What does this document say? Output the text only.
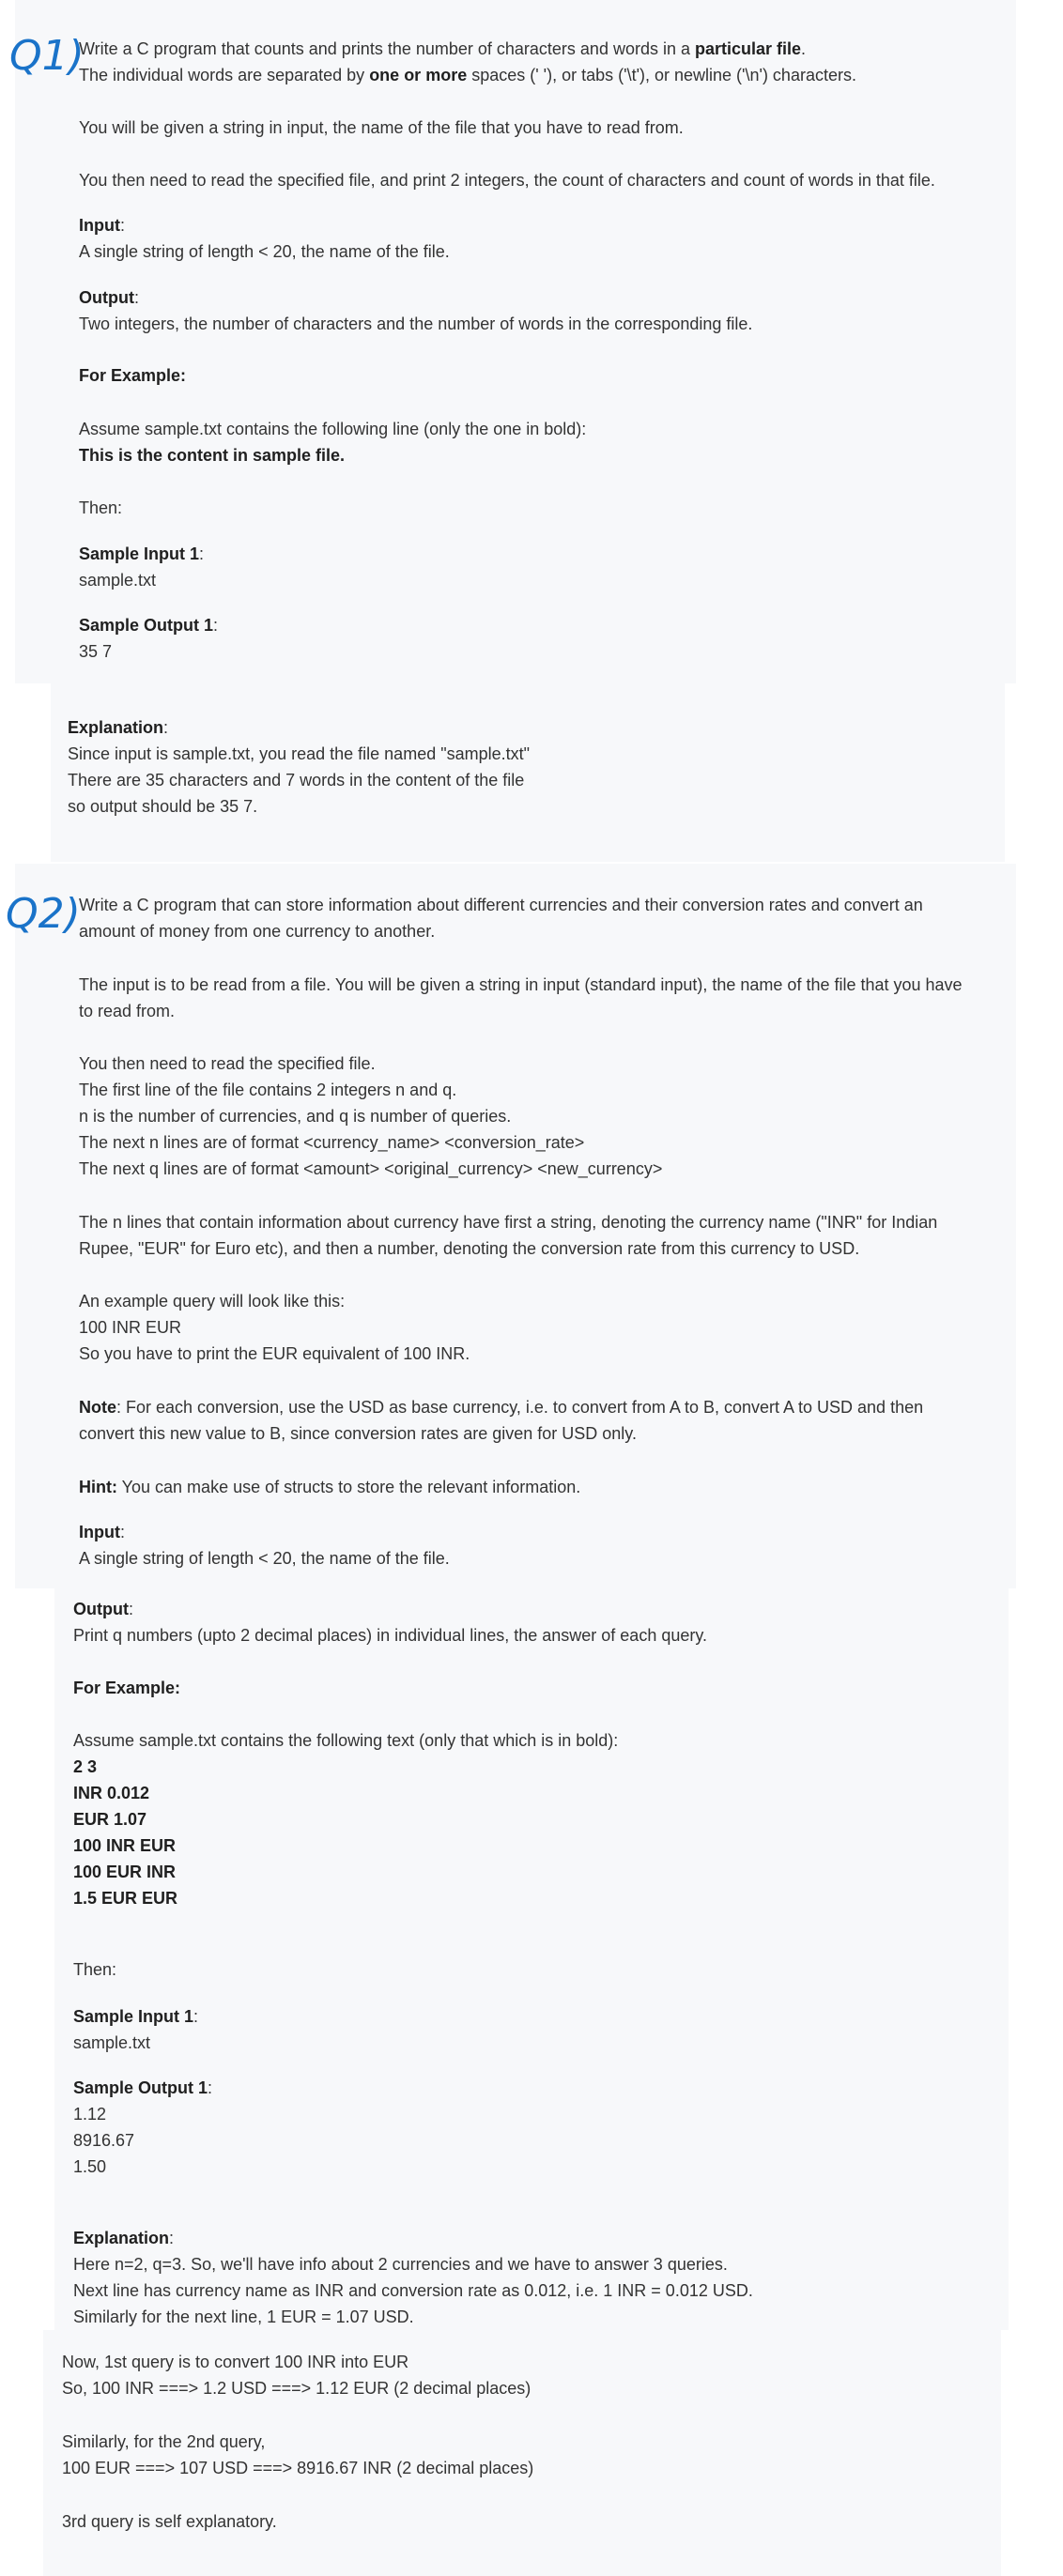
Q1)
Write a C program that counts and prints the number of characters and words in a particular file.
The individual words are separated by one or more spaces (' '), or tabs ('\t'), or newline ('\n') characters.
You will be given a string in input, the name of the file that you have to read from.
You then need to read the specified file, and print 2 integers, the count of characters and count of words in that file.
Input:
A single string of length < 20, the name of the file.
Output:
Two integers, the number of characters and the number of words in the corresponding file.
For Example:
Assume sample.txt contains the following line (only the one in bold):
This is the content in sample file.
Then:
Sample Input 1:
sample.txt
Sample Output 1:
35 7
Explanation:
Since input is sample.txt, you read the file named "sample.txt"
There are 35 characters and 7 words in the content of the file
so output should be 35 7.
Q2)
Write a C program that can store information about different currencies and their conversion rates and convert an
amount of money from one currency to another.
The input is to be read from a file. You will be given a string in input (standard input), the name of the file that you have
to read from.
You then need to read the specified file.
The first line of the file contains 2 integers n and q.
n is the number of currencies, and q is number of queries.
The next n lines are of format <currency_name> <conversion_rate>
The next q lines are of format <amount> <original_currency> <new_currency>
The n lines that contain information about currency have first a string, denoting the currency name ("INR" for Indian
Rupee, "EUR" for Euro etc), and then a number, denoting the conversion rate from this currency to USD.
An example query will look like this:
100 INR EUR
So you have to print the EUR equivalent of 100 INR.
Note: For each conversion, use the USD as base currency, i.e. to convert from A to B, convert A to USD and then
convert this new value to B, since conversion rates are given for USD only.
Hint: You can make use of structs to store the relevant information.
Input:
A single string of length < 20, the name of the file.
Output:
Print q numbers (upto 2 decimal places) in individual lines, the answer of each query.
For Example:
Assume sample.txt contains the following text (only that which is in bold):
2 3
INR 0.012
EUR 1.07
100 INR EUR
100 EUR INR
1.5 EUR EUR
Then:
Sample Input 1:
sample.txt
Sample Output 1:
1.12
8916.67
1.50
Explanation:
Here n=2, q=3. So, we'll have info about 2 currencies and we have to answer 3 queries.
Next line has currency name as INR and conversion rate as 0.012, i.e. 1 INR = 0.012 USD.
Similarly for the next line, 1 EUR = 1.07 USD.
Now, 1st query is to convert 100 INR into EUR
So, 100 INR ===> 1.2 USD ===> 1.12 EUR (2 decimal places)
Similarly, for the 2nd query,
100 EUR ===> 107 USD ===> 8916.67 INR (2 decimal places)
3rd query is self explanatory.
